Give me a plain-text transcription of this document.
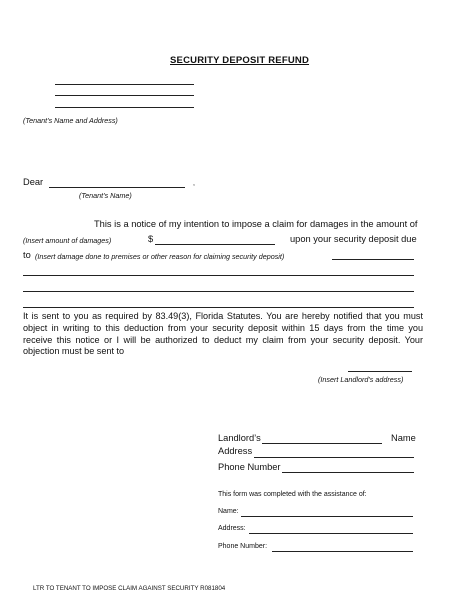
SECURITY DEPOSIT REFUND
(Tenant’s Name and Address)
Dear	,
(Tenant’s Name)
This is a notice of my intention to impose a claim for damages in the amount of
(Insert amount of damages)	$	upon your security deposit due
to (Insert damage done to premises or other reason for claiming security deposit)
It is sent to you as required by 83.49(3), Florida Statutes. You are hereby notified that you must object in writing to this deduction from your security deposit within 15 days from the time you receive this notice or I will be authorized to deduct my claim from your security deposit. Your objection must be sent to
(Insert Landlord’s address)
Landlord’s	Name
Address
Phone Number
This form was completed with the assistance of:
Name:
Address:
Phone Number:
LTR TO TENANT TO IMPOSE CLAIM AGAINST SECURITY R081804
